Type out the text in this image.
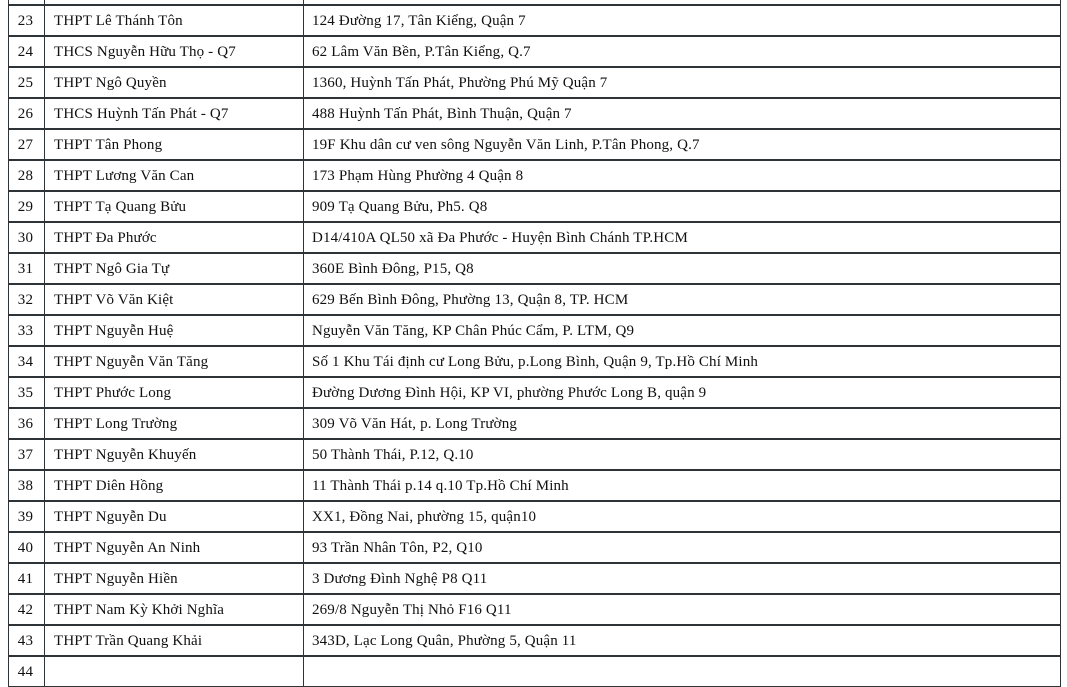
23	THPT Lê Thánh Tôn	124 Đường 17, Tân Kiểng, Quận 7
24	THCS Nguyễn Hữu Thọ - Q7	62 Lâm Văn Bền, P.Tân Kiểng, Q.7
25	THPT Ngô Quyền	1360, Huỳnh Tấn Phát, Phường Phú Mỹ Quận 7
26	THCS Huỳnh Tấn Phát - Q7	488 Huỳnh Tấn Phát, Bình Thuận, Quận 7
27	THPT Tân Phong	19F Khu dân cư ven sông Nguyễn Văn Linh, P.Tân Phong, Q.7
28	THPT Lương Văn Can	173 Phạm Hùng Phường 4 Quận 8
29	THPT Tạ Quang Bửu	909 Tạ Quang Bửu, Ph5. Q8
30	THPT Đa Phước	D14/410A QL50 xã Đa Phước - Huyện Bình Chánh TP.HCM
31	THPT Ngô Gia Tự	360E Bình Đông, P15, Q8
32	THPT Võ Văn Kiệt	629 Bến Bình Đông, Phường 13, Quận 8, TP. HCM
33	THPT Nguyễn Huệ	Nguyễn Văn Tăng, KP Chân Phúc Cẩm, P. LTM, Q9
34	THPT Nguyễn Văn Tăng	Số 1 Khu Tái định cư Long Bửu, p.Long Bình, Quận 9, Tp.Hồ Chí Minh
35	THPT Phước Long	Đường Dương Đình Hội, KP VI, phường Phước Long B, quận 9
36	THPT Long Trường	309 Võ Văn Hát, p. Long Trường
37	THPT Nguyễn Khuyến	50 Thành Thái, P.12, Q.10
38	THPT Diên Hồng	11 Thành Thái p.14 q.10 Tp.Hồ Chí Minh
39	THPT Nguyễn Du	XX1, Đồng Nai, phường 15, quận10
40	THPT Nguyễn An Ninh	93 Trần Nhân Tôn, P2, Q10
41	THPT Nguyễn Hiền	3 Dương Đình Nghệ P8 Q11
42	THPT Nam Kỳ Khởi Nghĩa	269/8 Nguyễn Thị Nhỏ F16 Q11
43	THPT Trần Quang Khải	343D, Lạc Long Quân, Phường 5, Quận 11
44		
